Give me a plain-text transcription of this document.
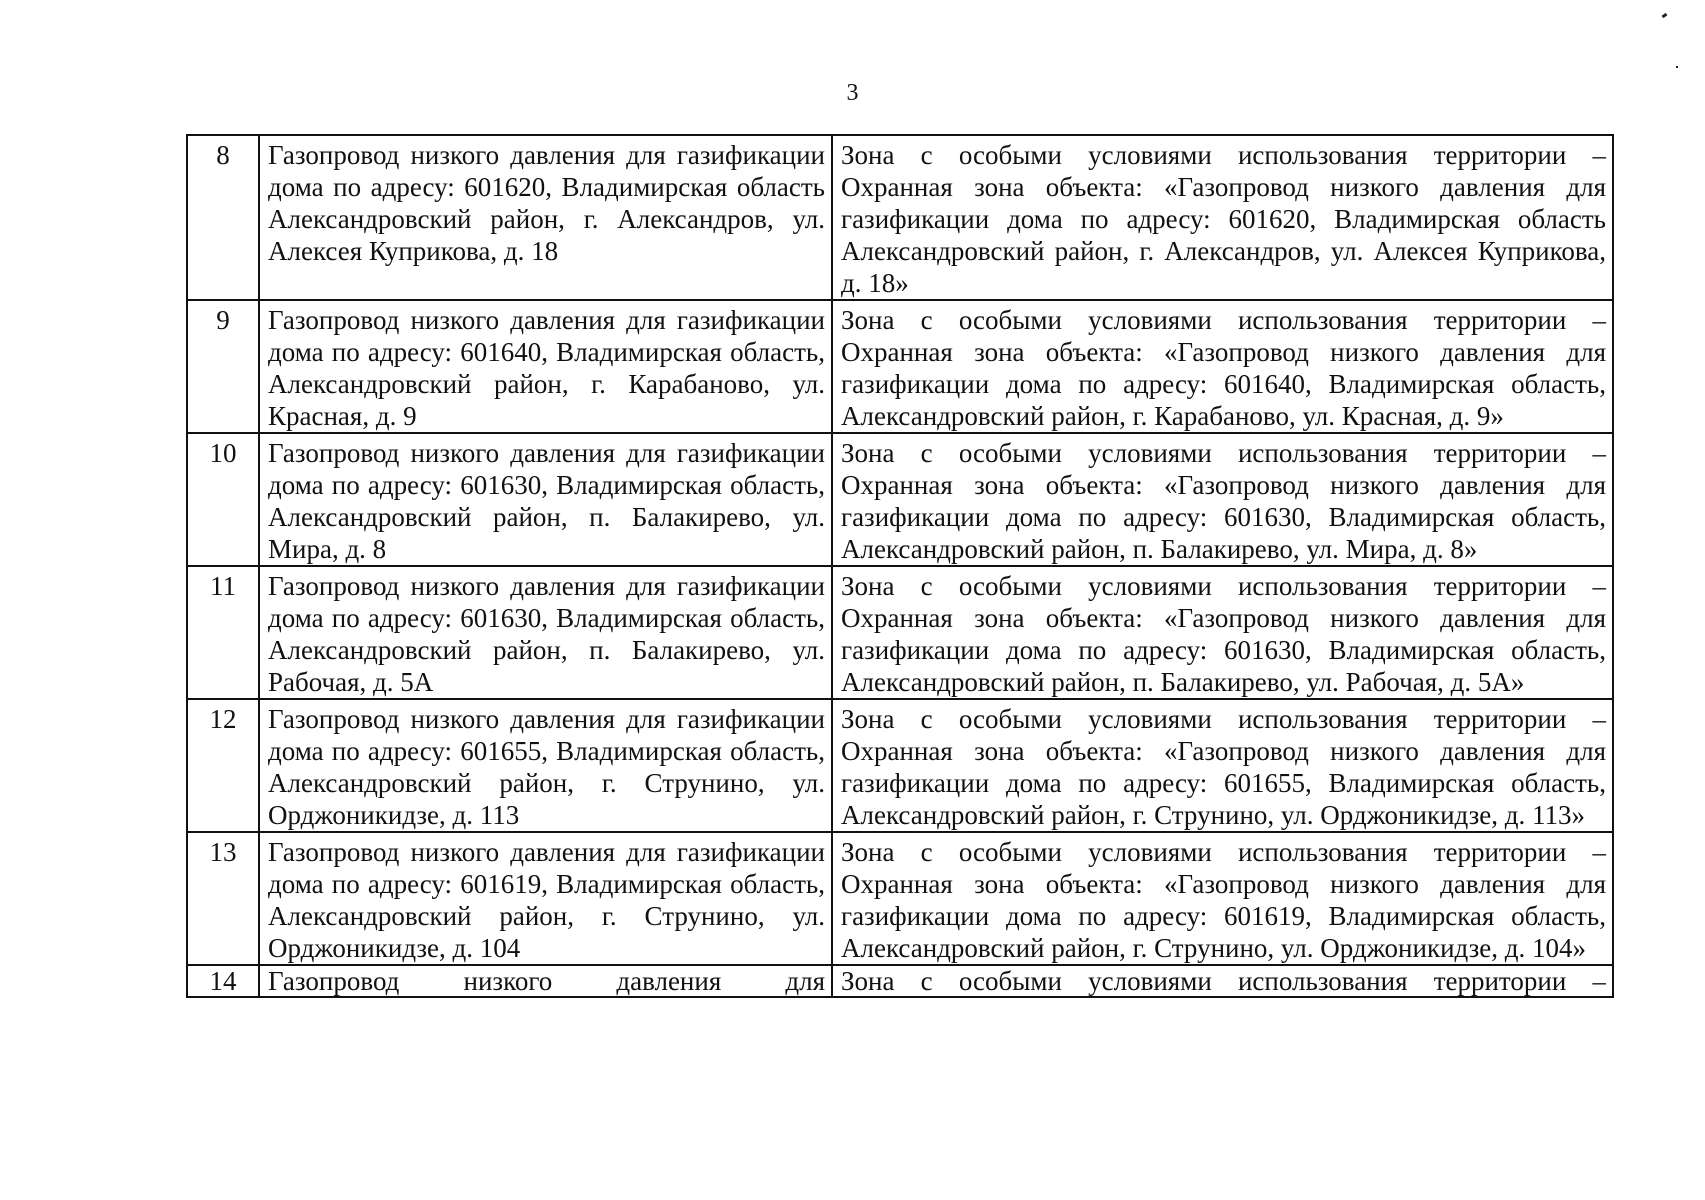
3
8	Газопровод низкого давления для газификации дома по адресу: 601620, Владимирская область Александровский район, г. Александров, ул. Алексея Куприкова, д. 18	Зона с особыми условиями использования территории – Охранная зона объекта: «Газопровод низкого давления для газификации дома по адресу: 601620, Владимирская область Александровский район, г. Александров, ул. Алексея Куприкова, д. 18»
9	Газопровод низкого давления для газификации дома по адресу: 601640, Владимирская область, Александровский район, г. Карабаново, ул. Красная, д. 9	Зона с особыми условиями использования территории – Охранная зона объекта: «Газопровод низкого давления для газификации дома по адресу: 601640, Владимирская область, Александровский район, г. Карабаново, ул. Красная, д. 9»
10	Газопровод низкого давления для газификации дома по адресу: 601630, Владимирская область, Александровский район, п. Балакирево, ул. Мира, д. 8	Зона с особыми условиями использования территории – Охранная зона объекта: «Газопровод низкого давления для газификации дома по адресу: 601630, Владимирская область, Александровский район, п. Балакирево, ул. Мира, д. 8»
11	Газопровод низкого давления для газификации дома по адресу: 601630, Владимирская область, Александровский район, п. Балакирево, ул. Рабочая, д. 5А	Зона с особыми условиями использования территории – Охранная зона объекта: «Газопровод низкого давления для газификации дома по адресу: 601630, Владимирская область, Александровский район, п. Балакирево, ул. Рабочая, д. 5А»
12	Газопровод низкого давления для газификации дома по адресу: 601655, Владимирская область, Александровский район, г. Струнино, ул. Орджоникидзе, д. 113	Зона с особыми условиями использования территории – Охранная зона объекта: «Газопровод низкого давления для газификации дома по адресу: 601655, Владимирская область, Александровский район, г. Струнино, ул. Орджоникидзе, д. 113»
13	Газопровод низкого давления для газификации дома по адресу: 601619, Владимирская область, Александровский район, г. Струнино, ул. Орджоникидзе, д. 104	Зона с особыми условиями использования территории – Охранная зона объекта: «Газопровод низкого давления для газификации дома по адресу: 601619, Владимирская область, Александровский район, г. Струнино, ул. Орджоникидзе, д. 104»

14	Газопровод низкого давления для	Зона с особыми условиями использования территории –
